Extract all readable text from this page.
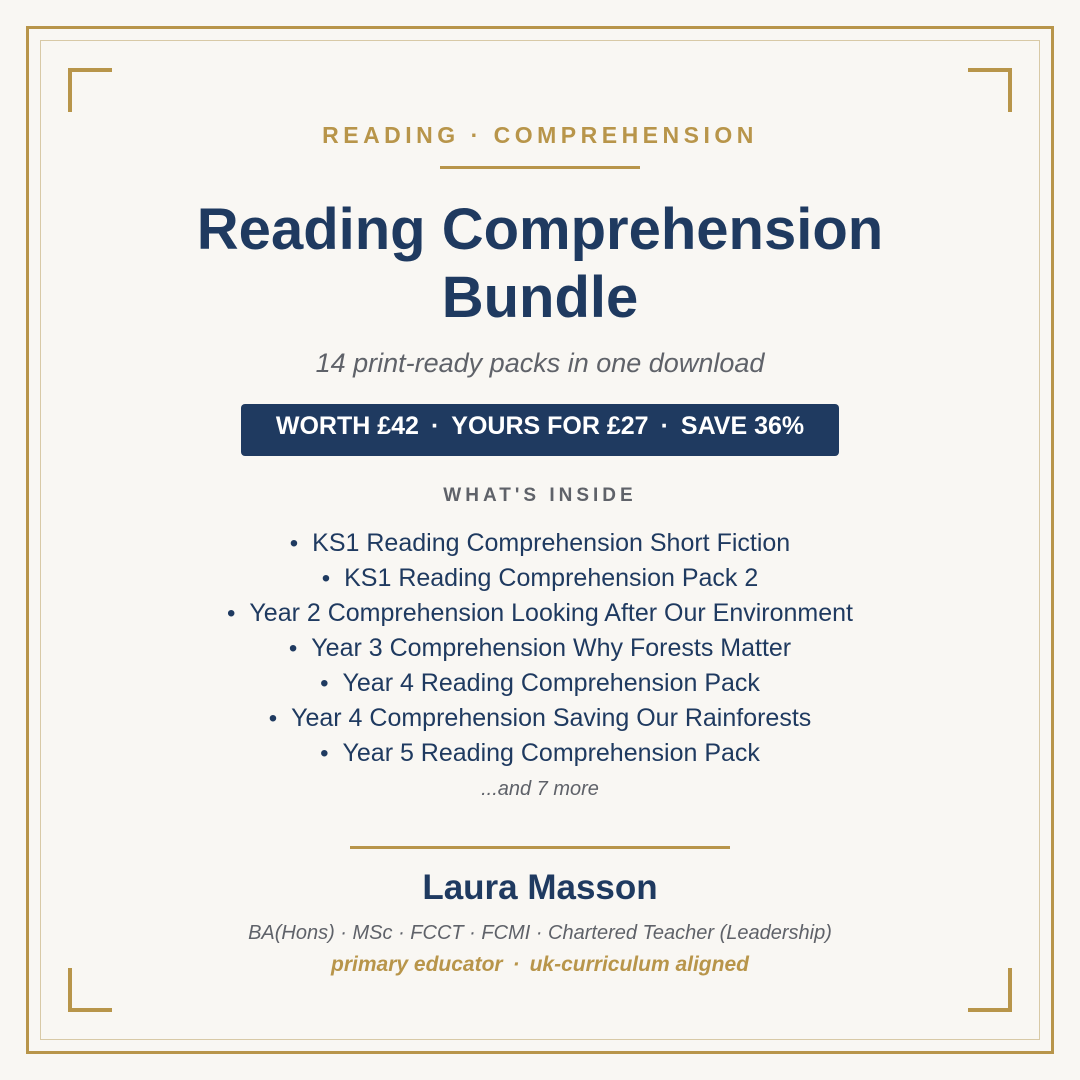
READING · COMPREHENSION
Reading Comprehension Bundle
14 print-ready packs in one download
WORTH £42 · YOURS FOR £27 · SAVE 36%
WHAT'S INSIDE
• KS1 Reading Comprehension Short Fiction
• KS1 Reading Comprehension Pack 2
• Year 2 Comprehension Looking After Our Environment
• Year 3 Comprehension Why Forests Matter
• Year 4 Reading Comprehension Pack
• Year 4 Comprehension Saving Our Rainforests
• Year 5 Reading Comprehension Pack
...and 7 more
Laura Masson
BA(Hons) · MSc · FCCT · FCMI · Chartered Teacher (Leadership)
primary educator · uk-curriculum aligned
